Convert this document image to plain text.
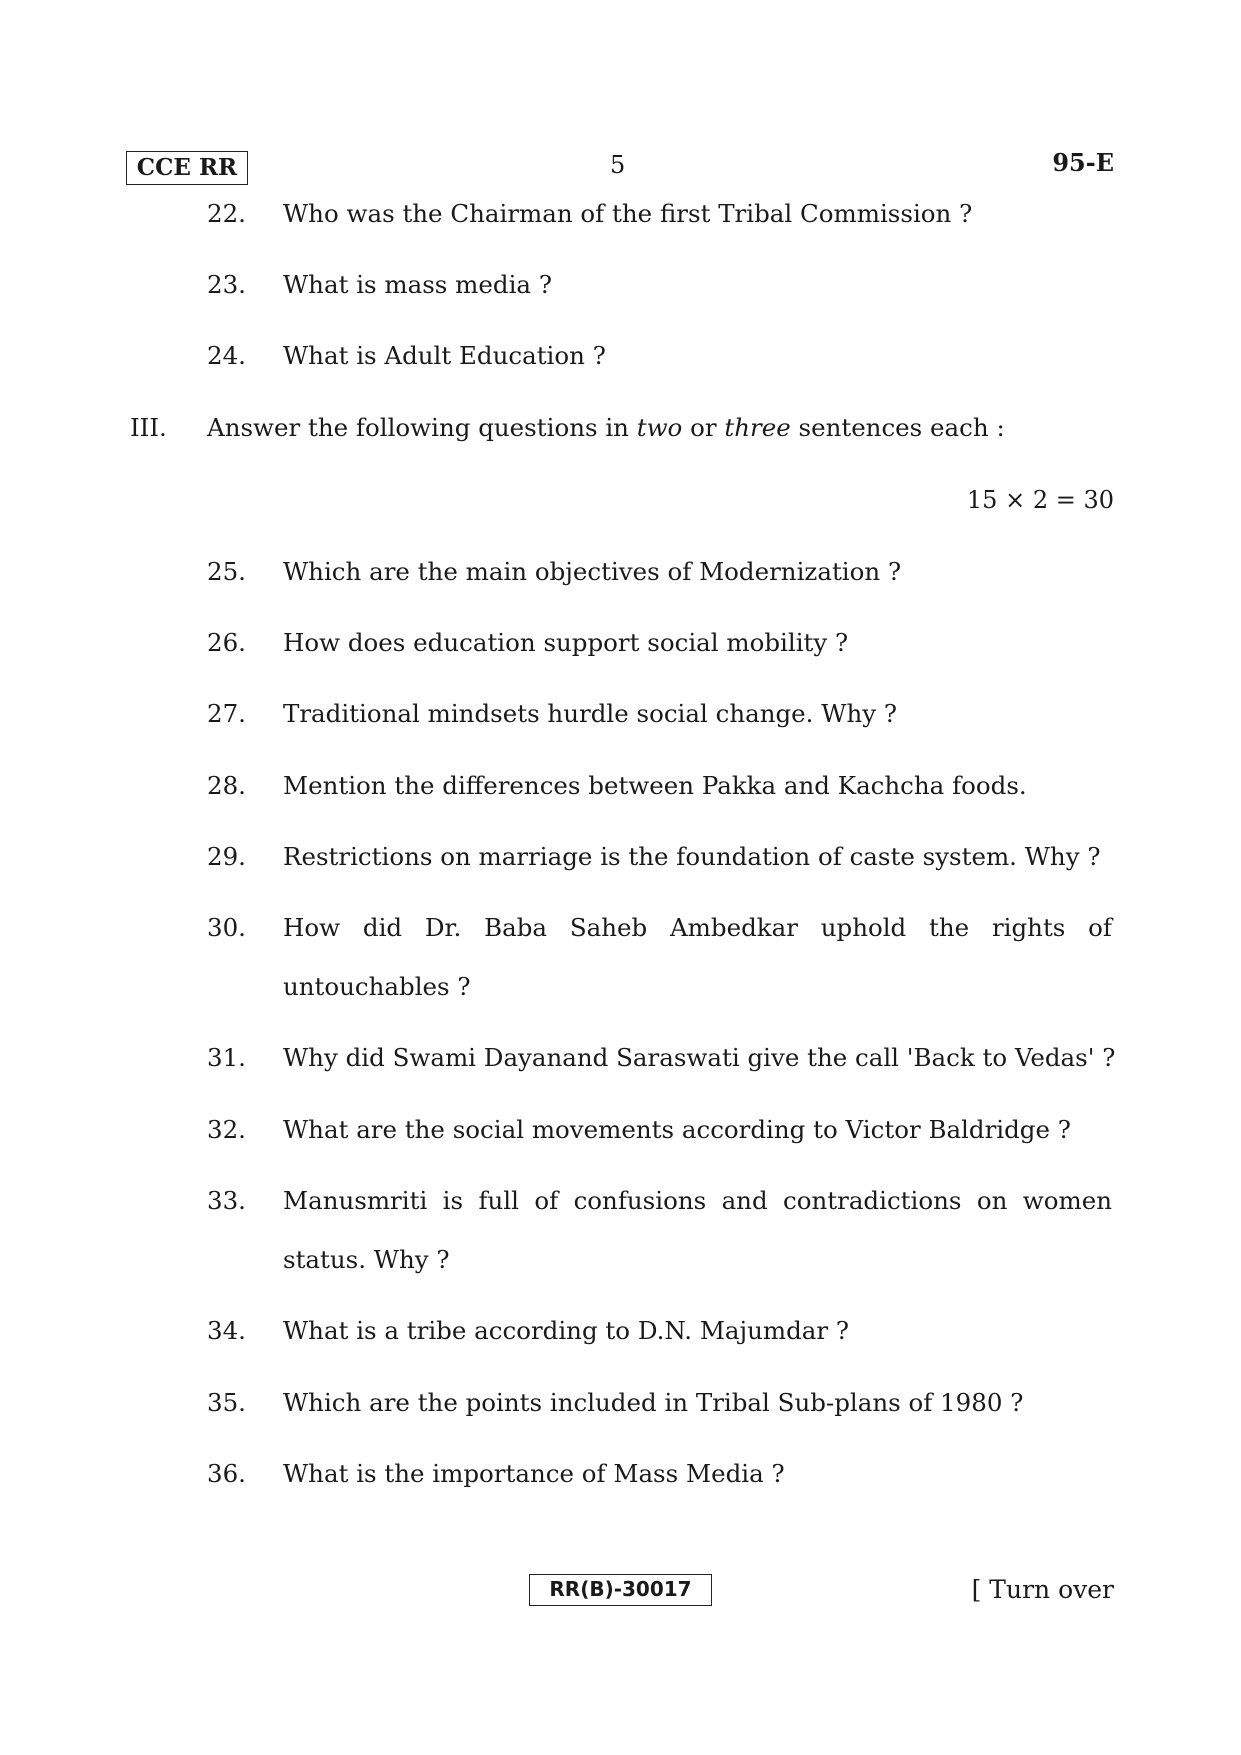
CCE RR	5	95-E
22. Who was the Chairman of the first Tribal Commission ?
23. What is mass media ?
24. What is Adult Education ?
III. Answer the following questions in two or three sentences each :
15 × 2 = 30
25. Which are the main objectives of Modernization ?
26. How does education support social mobility ?
27. Traditional mindsets hurdle social change. Why ?
28. Mention the differences between Pakka and Kachcha foods.
29. Restrictions on marriage is the foundation of caste system. Why ?
30. How did Dr. Baba Saheb Ambedkar uphold the rights of
untouchables ?
31. Why did Swami Dayanand Saraswati give the call 'Back to Vedas' ?
32. What are the social movements according to Victor Baldridge ?
33. Manusmriti is full of confusions and contradictions on women
status. Why ?
34. What is a tribe according to D.N. Majumdar ?
35. Which are the points included in Tribal Sub-plans of 1980 ?
36. What is the importance of Mass Media ?
RR(B)-30017	[ Turn over
